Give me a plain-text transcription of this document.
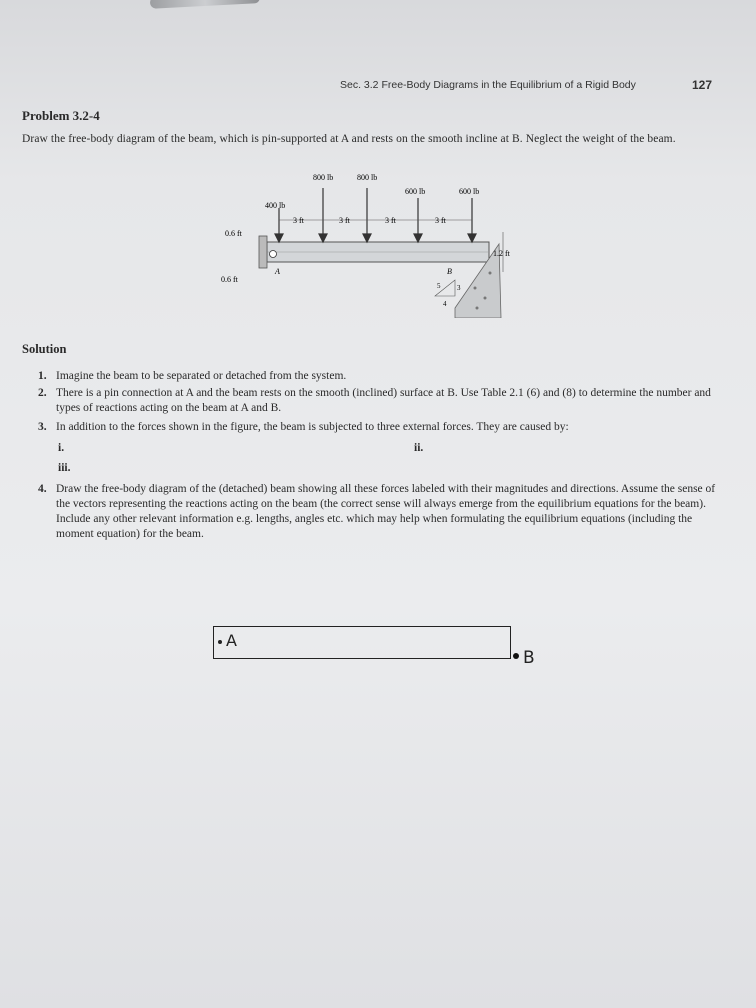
Sec. 3.2 Free-Body Diagrams in the Equilibrium of a Rigid Body	127
Problem 3.2-4
Draw the free-body diagram of the beam, which is pin-supported at A and rests on the smooth incline at B. Neglect the weight of the beam.
400 lb
800 lb	800 lb
600 lb	600 lb
3 ft	3 ft	3 ft	3 ft
0.6 ft
0.6 ft
1.2 ft
A	B
5 3
4
Solution
1. Imagine the beam to be separated or detached from the system.
2. There is a pin connection at A and the beam rests on the smooth (inclined) surface at B. Use Table 2.1 (6) and (8) to determine the number and types of reactions acting on the beam at A and B.
3. In addition to the forces shown in the figure, the beam is subjected to three external forces. They are caused by:
i.	ii.
iii.
4. Draw the free-body diagram of the (detached) beam showing all these forces labeled with their magnitudes and directions. Assume the sense of the vectors representing the reactions acting on the beam (the correct sense will always emerge from the equilibrium equations for the beam). Include any other relevant information e.g. lengths, angles etc. which may help when formulating the equilibrium equations (including the moment equation) for the beam.
A
B
